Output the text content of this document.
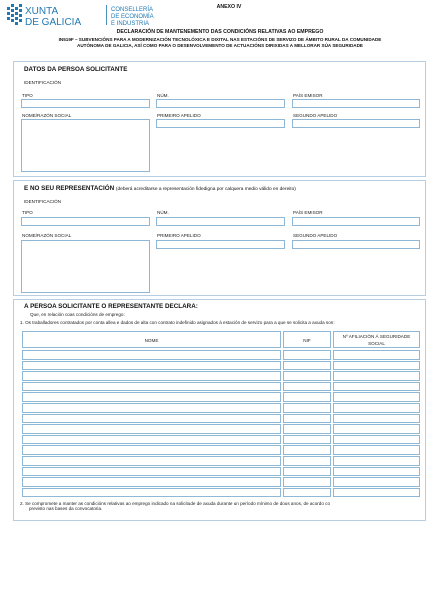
XUNTA
DE GALICIA
CONSELLERÍA
DE ECONOMÍA
E INDUSTRIA
ANEXO IV
DECLARACIÓN DE MANTENEMENTO DAS CONDICIÓNS RELATIVAS AO EMPREGO
IN519F – SUBVENCIÓNS PARA A MODERNIZACIÓN TECNOLÓXICA E DIXITAL NAS ESTACIÓNS DE SERVIZO DE ÁMBITO RURAL DA COMUNIDADE
AUTÓNOMA DE GALICIA, ASÍ COMO PARA O DESENVOLVEMENTO DE ACTUACIÓNS DIRIXIDAS A MELLORAR SÚA SEGURIDADE
DATOS DA PERSOA SOLICITANTE
IDENTIFICACIÓN
TIPO	NÚM.	PAÍS EMISOR
NOME/RAZÓN SOCIAL	PRIMEIRO APELIDO	SEGUNDO APELIDO
E NO SEU REPRESENTACIÓN (deberá acreditarse a representación fidedigna por calquera medio válido en dereito)
IDENTIFICACIÓN
TIPO	NÚM.	PAÍS EMISOR
NOME/RAZÓN SOCIAL	PRIMEIRO APELIDO	SEGUNDO APELIDO
A PERSOA SOLICITANTE O REPRESENTANTE DECLARA:
Que, en relación coas condicións de emprego:
1. Os traballadores contratados por conta allea e dados de alta con contrato indefinido asignados á estación de servizo para a que se solicita a axuda son:
NOME	NIF
Nº AFILIACIÓN Á SEGURIDADE
SOCIAL
2. Se compromete a manter as condicións relativas ao emprego indicado na solicitude de axuda durante un período mínimo de dous anos, de acordo co
previsto nas bases da convocatoria.
